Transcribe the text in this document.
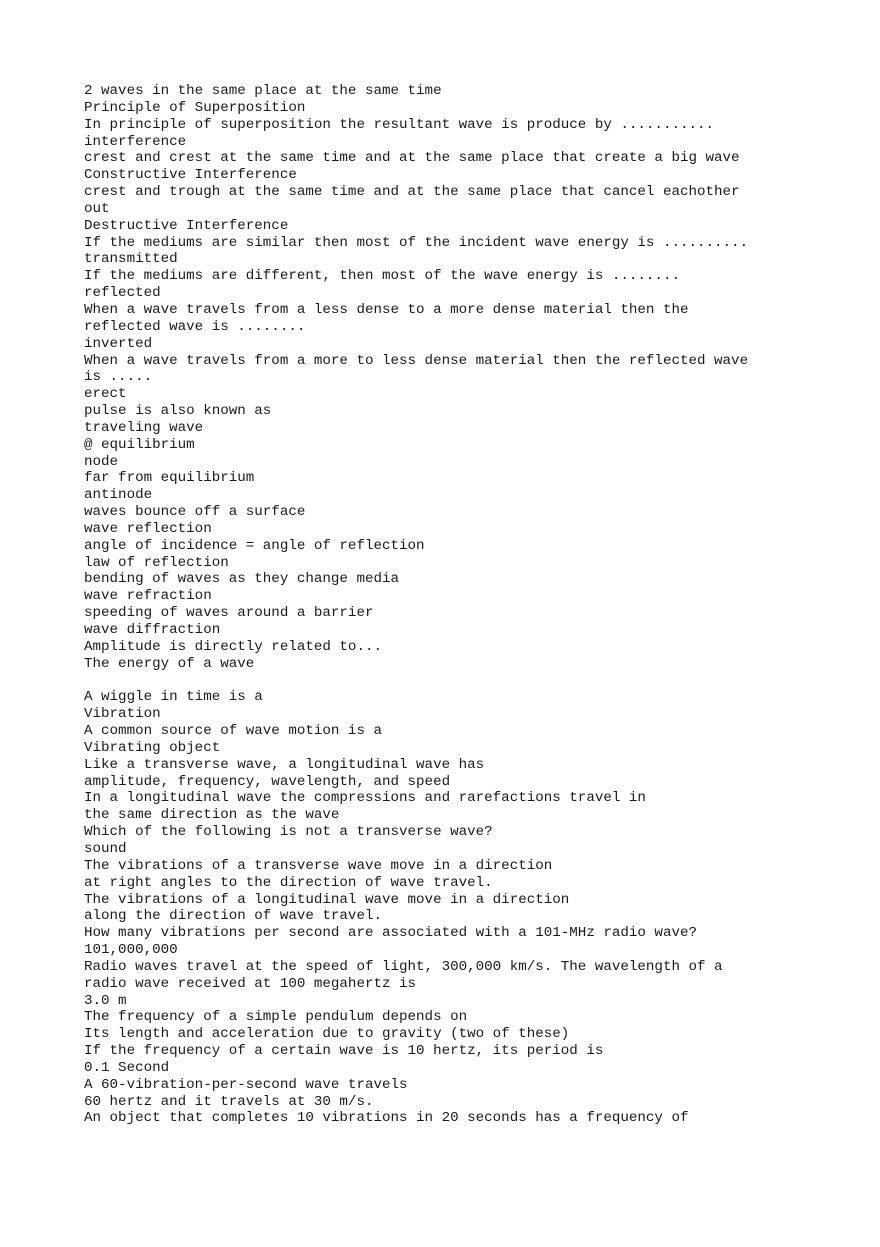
2 waves in the same place at the same time
Principle of Superposition
In principle of superposition the resultant wave is produce by ...........
interference
crest and crest at the same time and at the same place that create a big wave
Constructive Interference
crest and trough at the same time and at the same place that cancel eachother
out
Destructive Interference
If the mediums are similar then most of the incident wave energy is ..........
transmitted
If the mediums are different, then most of the wave energy is ........
reflected
When a wave travels from a less dense to a more dense material then the
reflected wave is ........
inverted
When a wave travels from a more to less dense material then the reflected wave
is .....
erect
pulse is also known as
traveling wave
@ equilibrium
node
far from equilibrium
antinode
waves bounce off a surface
wave reflection
angle of incidence = angle of reflection
law of reflection
bending of waves as they change media
wave refraction
speeding of waves around a barrier
wave diffraction
Amplitude is directly related to...
The energy of a wave
A wiggle in time is a
Vibration
A common source of wave motion is a
Vibrating object
Like a transverse wave, a longitudinal wave has
amplitude, frequency, wavelength, and speed
In a longitudinal wave the compressions and rarefactions travel in
the same direction as the wave
Which of the following is not a transverse wave?
sound
The vibrations of a transverse wave move in a direction
at right angles to the direction of wave travel.
The vibrations of a longitudinal wave move in a direction
along the direction of wave travel.
How many vibrations per second are associated with a 101-MHz radio wave?
101,000,000
Radio waves travel at the speed of light, 300,000 km/s. The wavelength of a
radio wave received at 100 megahertz is
3.0 m
The frequency of a simple pendulum depends on
Its length and acceleration due to gravity (two of these)
If the frequency of a certain wave is 10 hertz, its period is
0.1 Second
A 60-vibration-per-second wave travels
60 hertz and it travels at 30 m/s.
An object that completes 10 vibrations in 20 seconds has a frequency of
